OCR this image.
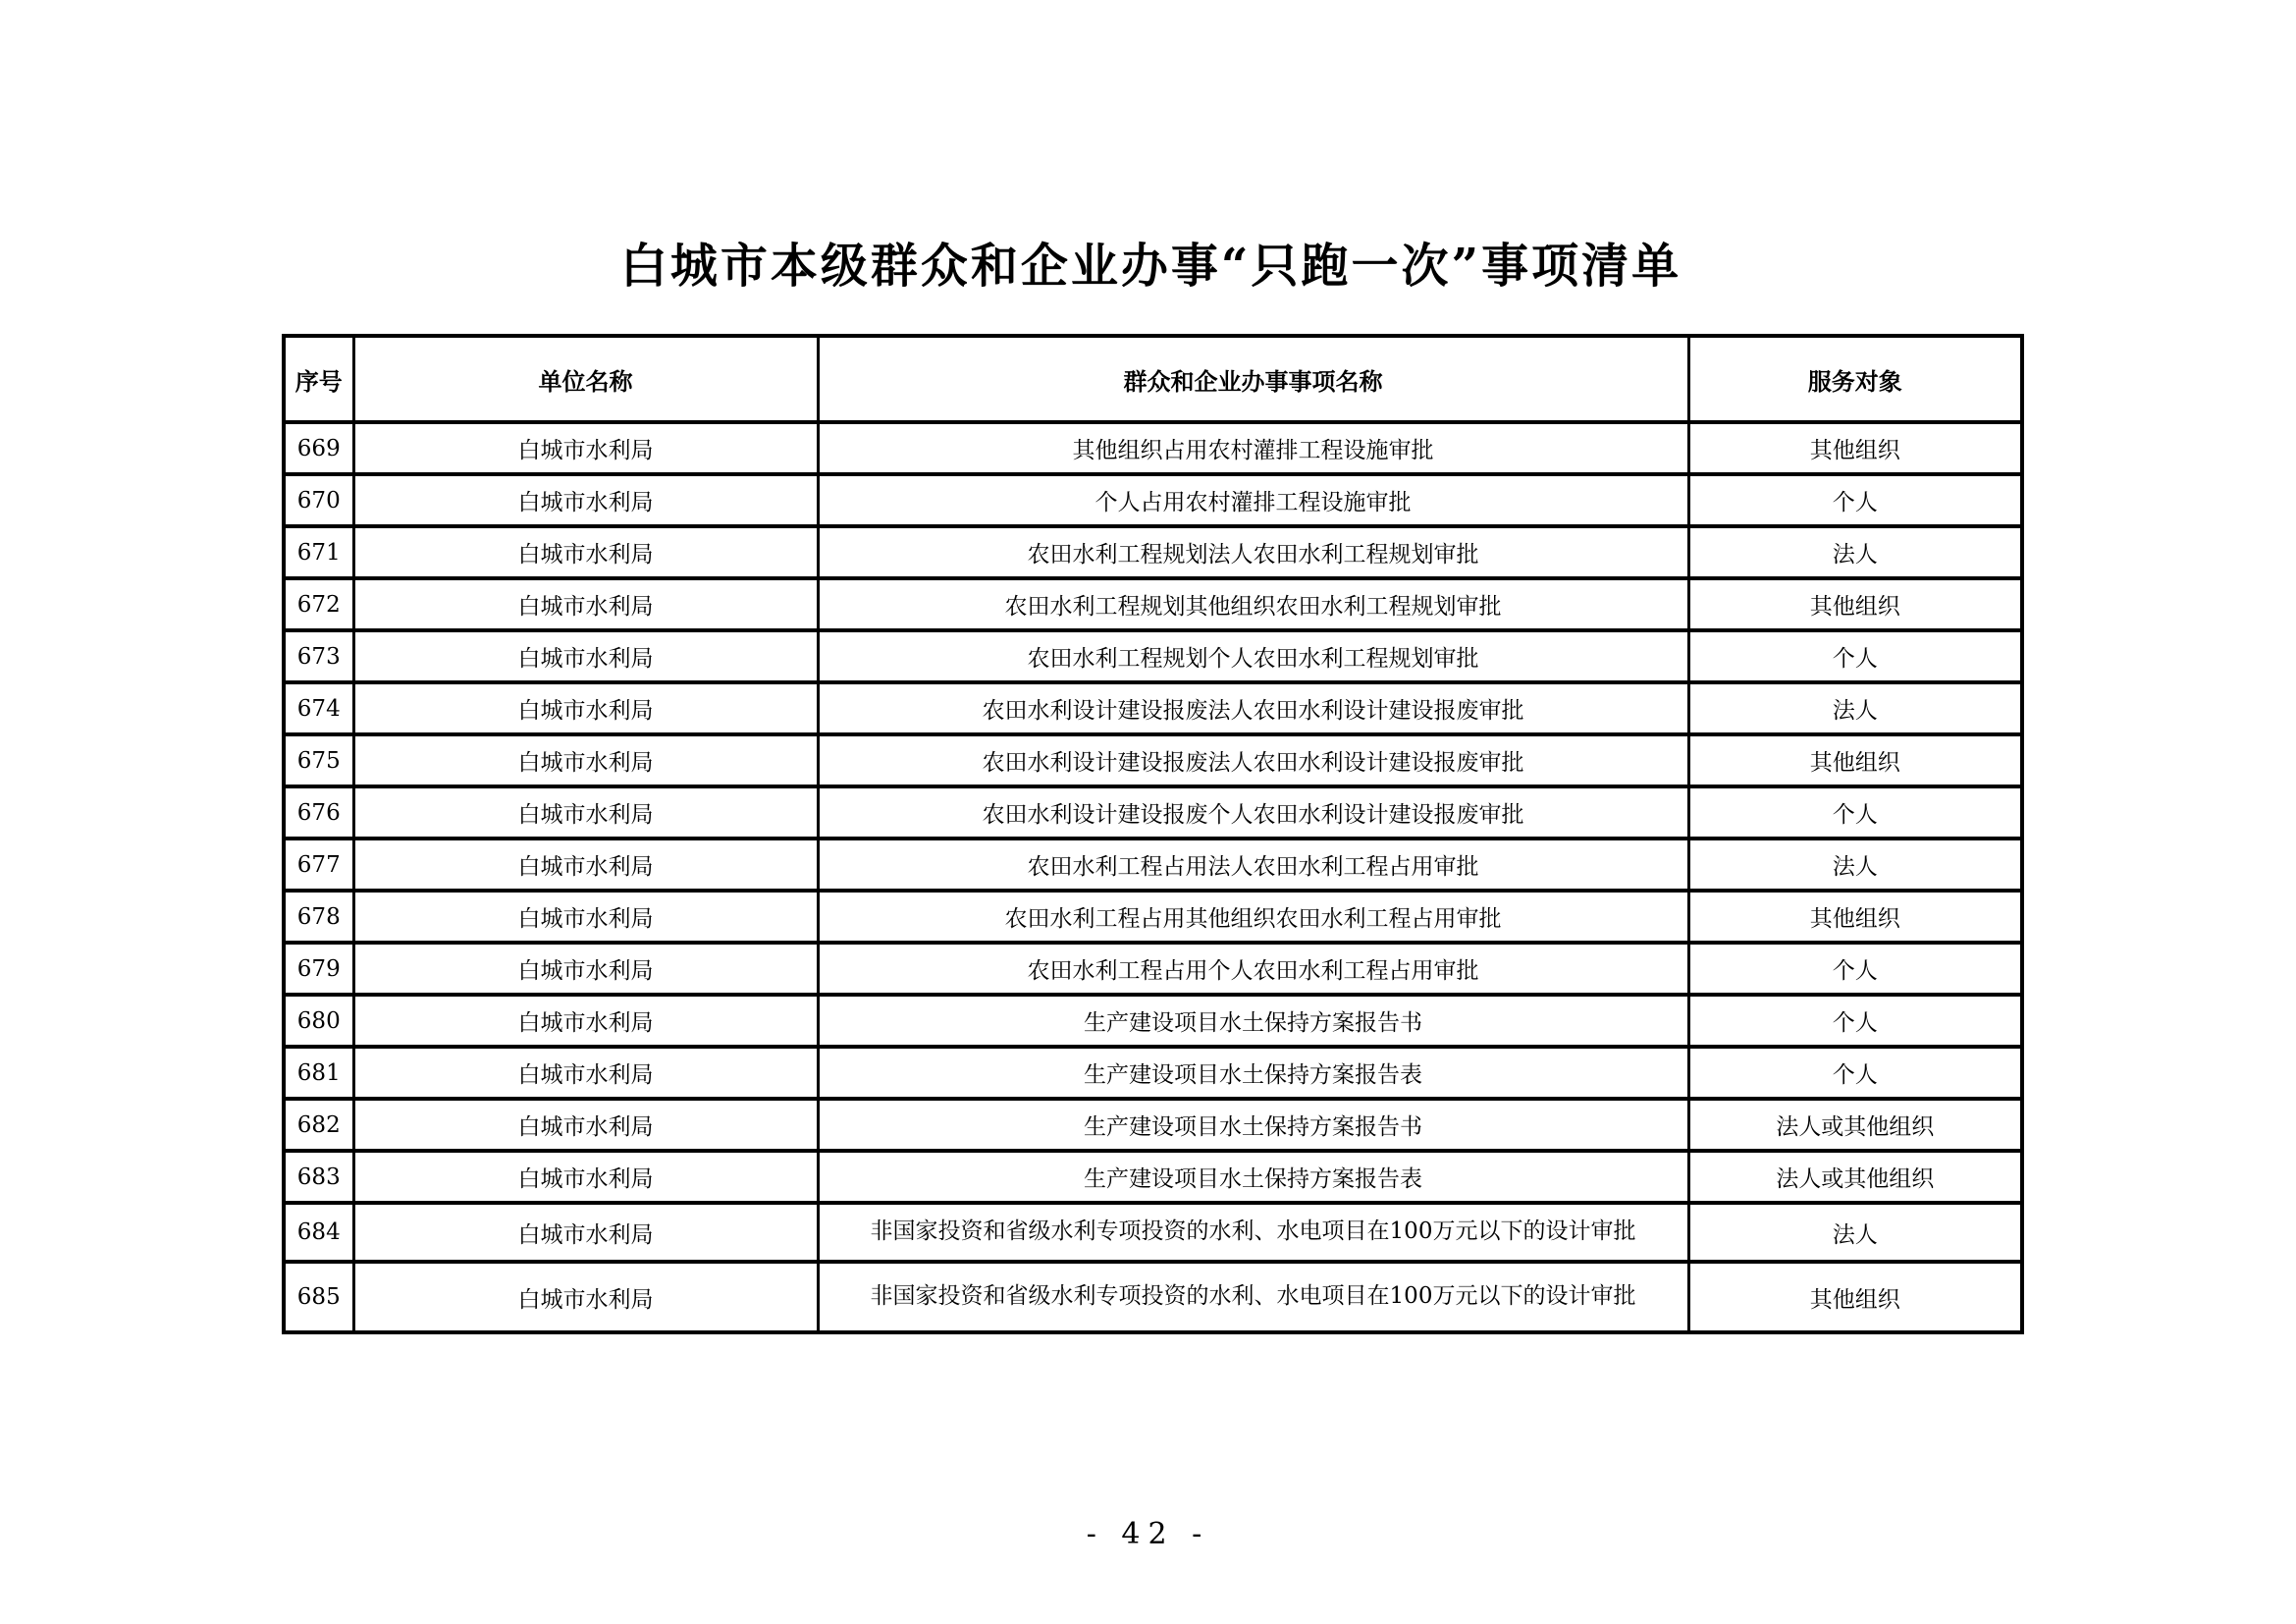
白城市本级群众和企业办事“只跑一次”事项清单
序号	单位名称	群众和企业办事事项名称	服务对象
669	白城市水利局	其他组织占用农村灌排工程设施审批	其他组织
670	白城市水利局	个人占用农村灌排工程设施审批	个人
671	白城市水利局	农田水利工程规划法人农田水利工程规划审批	法人
672	白城市水利局	农田水利工程规划其他组织农田水利工程规划审批	其他组织
673	白城市水利局	农田水利工程规划个人农田水利工程规划审批	个人
674	白城市水利局	农田水利设计建设报废法人农田水利设计建设报废审批	法人
675	白城市水利局	农田水利设计建设报废法人农田水利设计建设报废审批	其他组织
676	白城市水利局	农田水利设计建设报废个人农田水利设计建设报废审批	个人
677	白城市水利局	农田水利工程占用法人农田水利工程占用审批	法人
678	白城市水利局	农田水利工程占用其他组织农田水利工程占用审批	其他组织
679	白城市水利局	农田水利工程占用个人农田水利工程占用审批	个人
680	白城市水利局	生产建设项目水土保持方案报告书	个人
681	白城市水利局	生产建设项目水土保持方案报告表	个人
682	白城市水利局	生产建设项目水土保持方案报告书	法人或其他组织
683	白城市水利局	生产建设项目水土保持方案报告表	法人或其他组织
684	白城市水利局	非国家投资和省级水利专项投资的水利、水电项目在100万元以下的设计审批	法人
685	白城市水利局	非国家投资和省级水利专项投资的水利、水电项目在100万元以下的设计审批	其他组织
- 42 -
